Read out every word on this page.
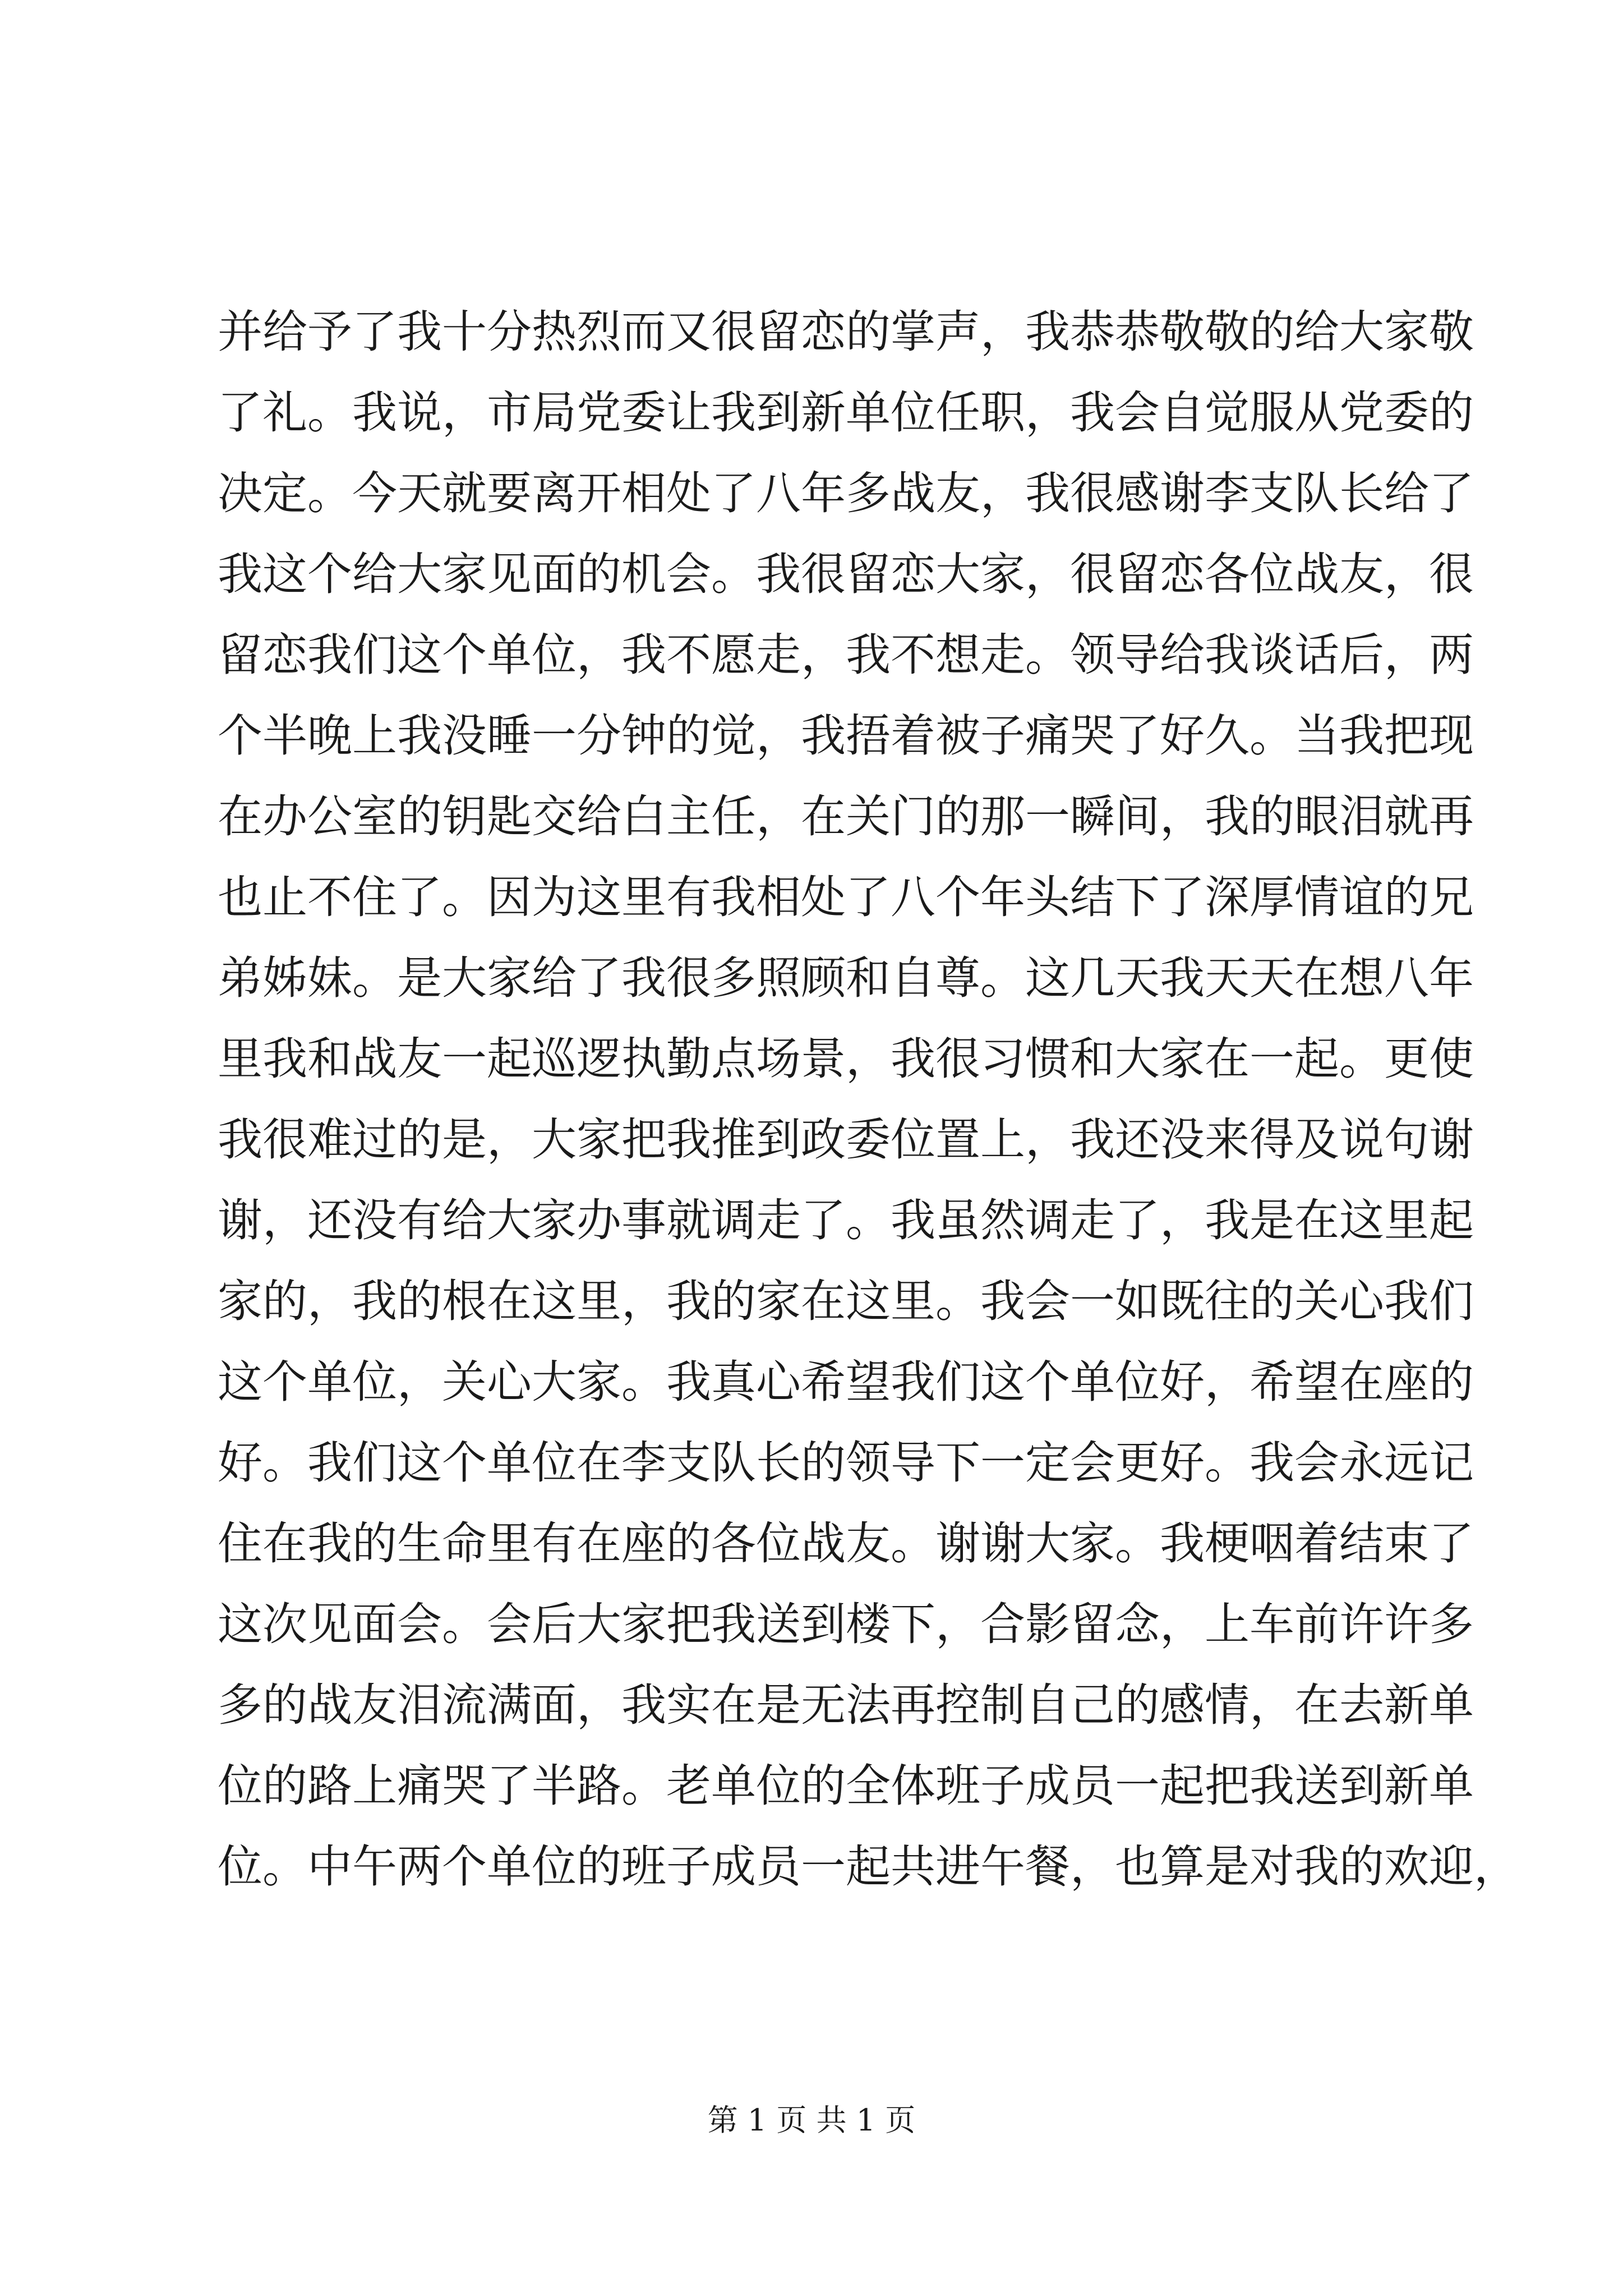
并给予了我十分热烈而又很留恋的掌声，我恭恭敬敬的给大家敬
了礼。我说，市局党委让我到新单位任职，我会自觉服从党委的
决定。今天就要离开相处了八年多战友，我很感谢李支队长给了
我这个给大家见面的机会。我很留恋大家，很留恋各位战友，很
留恋我们这个单位，我不愿走，我不想走。领导给我谈话后，两
个半晚上我没睡一分钟的觉，我捂着被子痛哭了好久。当我把现
在办公室的钥匙交给白主任，在关门的那一瞬间，我的眼泪就再
也止不住了。因为这里有我相处了八个年头结下了深厚情谊的兄
弟姊妹。是大家给了我很多照顾和自尊。这几天我天天在想八年
里我和战友一起巡逻执勤点场景，我很习惯和大家在一起。更使
我很难过的是，大家把我推到政委位置上，我还没来得及说句谢
谢，还没有给大家办事就调走了。我虽然调走了，我是在这里起
家的，我的根在这里，我的家在这里。我会一如既往的关心我们
这个单位，关心大家。我真心希望我们这个单位好，希望在座的
好。我们这个单位在李支队长的领导下一定会更好。我会永远记
住在我的生命里有在座的各位战友。谢谢大家。我梗咽着结束了
这次见面会。会后大家把我送到楼下，合影留念，上车前许许多
多的战友泪流满面，我实在是无法再控制自己的感情，在去新单
位的路上痛哭了半路。老单位的全体班子成员一起把我送到新单
位。中午两个单位的班子成员一起共进午餐，也算是对我的欢迎，
第 1 页 共 1 页
